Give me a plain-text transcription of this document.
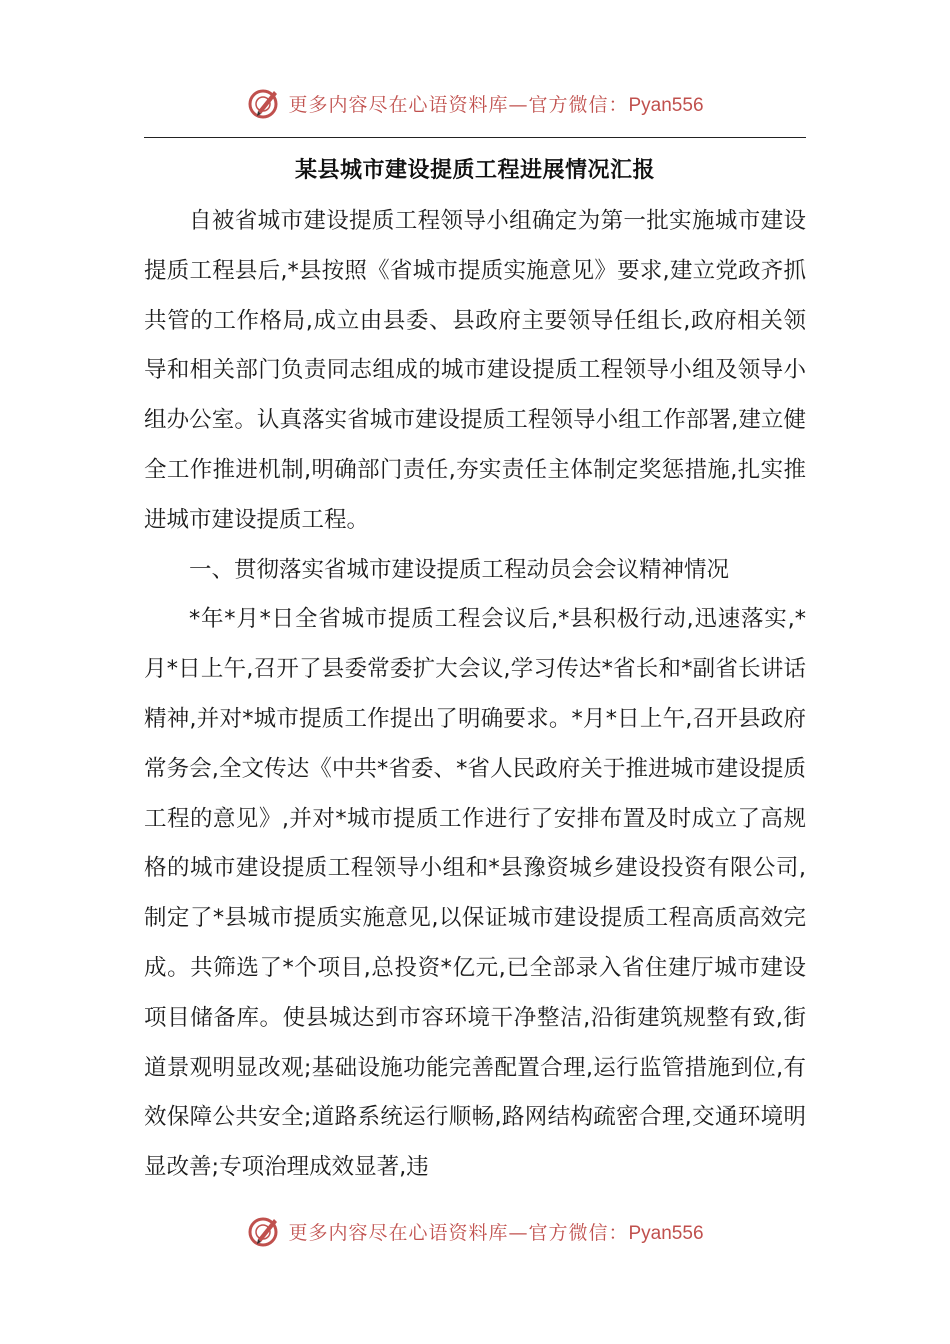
更多内容尽在心语资料库—官方微信：Pyan556
某县城市建设提质工程进展情况汇报

自被省城市建设提质工程领导小组确定为第一批实施城市建设提质工程县后,*县按照《省城市提质实施意见》要求,建立党政齐抓共管的工作格局,成立由县委、县政府主要领导任组长,政府相关领导和相关部门负责同志组成的城市建设提质工程领导小组及领导小组办公室。认真落实省城市建设提质工程领导小组工作部署,建立健全工作推进机制,明确部门责任,夯实责任主体制定奖惩措施,扎实推进城市建设提质工程。

一、贯彻落实省城市建设提质工程动员会会议精神情况

*年*月*日全省城市提质工程会议后,*县积极行动,迅速落实,*月*日上午,召开了县委常委扩大会议,学习传达*省长和*副省长讲话精神,并对*城市提质工作提出了明确要求。*月*日上午,召开县政府常务会,全文传达《中共*省委、*省人民政府关于推进城市建设提质工程的意见》,并对*城市提质工作进行了安排布置及时成立了高规格的城市建设提质工程领导小组和*县豫资城乡建设投资有限公司,制定了*县城市提质实施意见,以保证城市建设提质工程高质高效完成。共筛选了*个项目,总投资*亿元,已全部录入省住建厅城市建设项目储备库。使县城达到市容环境干净整洁,沿街建筑规整有致,街道景观明显改观;基础设施功能完善配置合理,运行监管措施到位,有效保障公共安全;道路系统运行顺畅,路网结构疏密合理,交通环境明显改善;专项治理成效显著,违

更多内容尽在心语资料库—官方微信：Pyan556
